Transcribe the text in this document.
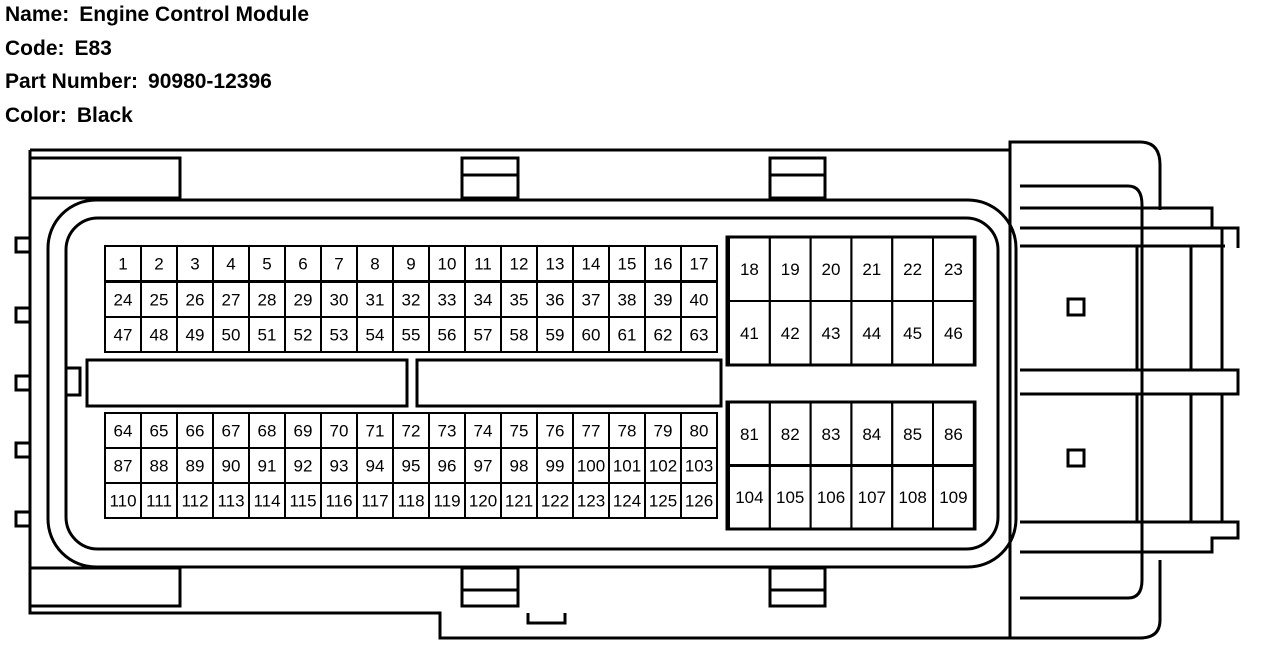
Name: Engine Control Module
Code: E83
Part Number: 90980-12396
Color: Black
1 2 3 4 5 6 7 8 9 10 11 12 13 14 15 16 17
24 25 26 27 28 29 30 31 32 33 34 35 36 37 38 39 40
47 48 49 50 51 52 53 54 55 56 57 58 59 60 61 62 63
64 65 66 67 68 69 70 71 72 73 74 75 76 77 78 79 80
87 88 89 90 91 92 93 94 95 96 97 98 99 100 101 102 103
110 111 112 113 114 115 116 117 118 119 120 121 122 123 124 125 126
18 19 20 21 22 23
41 42 43 44 45 46
81 82 83 84 85 86
104 105 106 107 108 109
